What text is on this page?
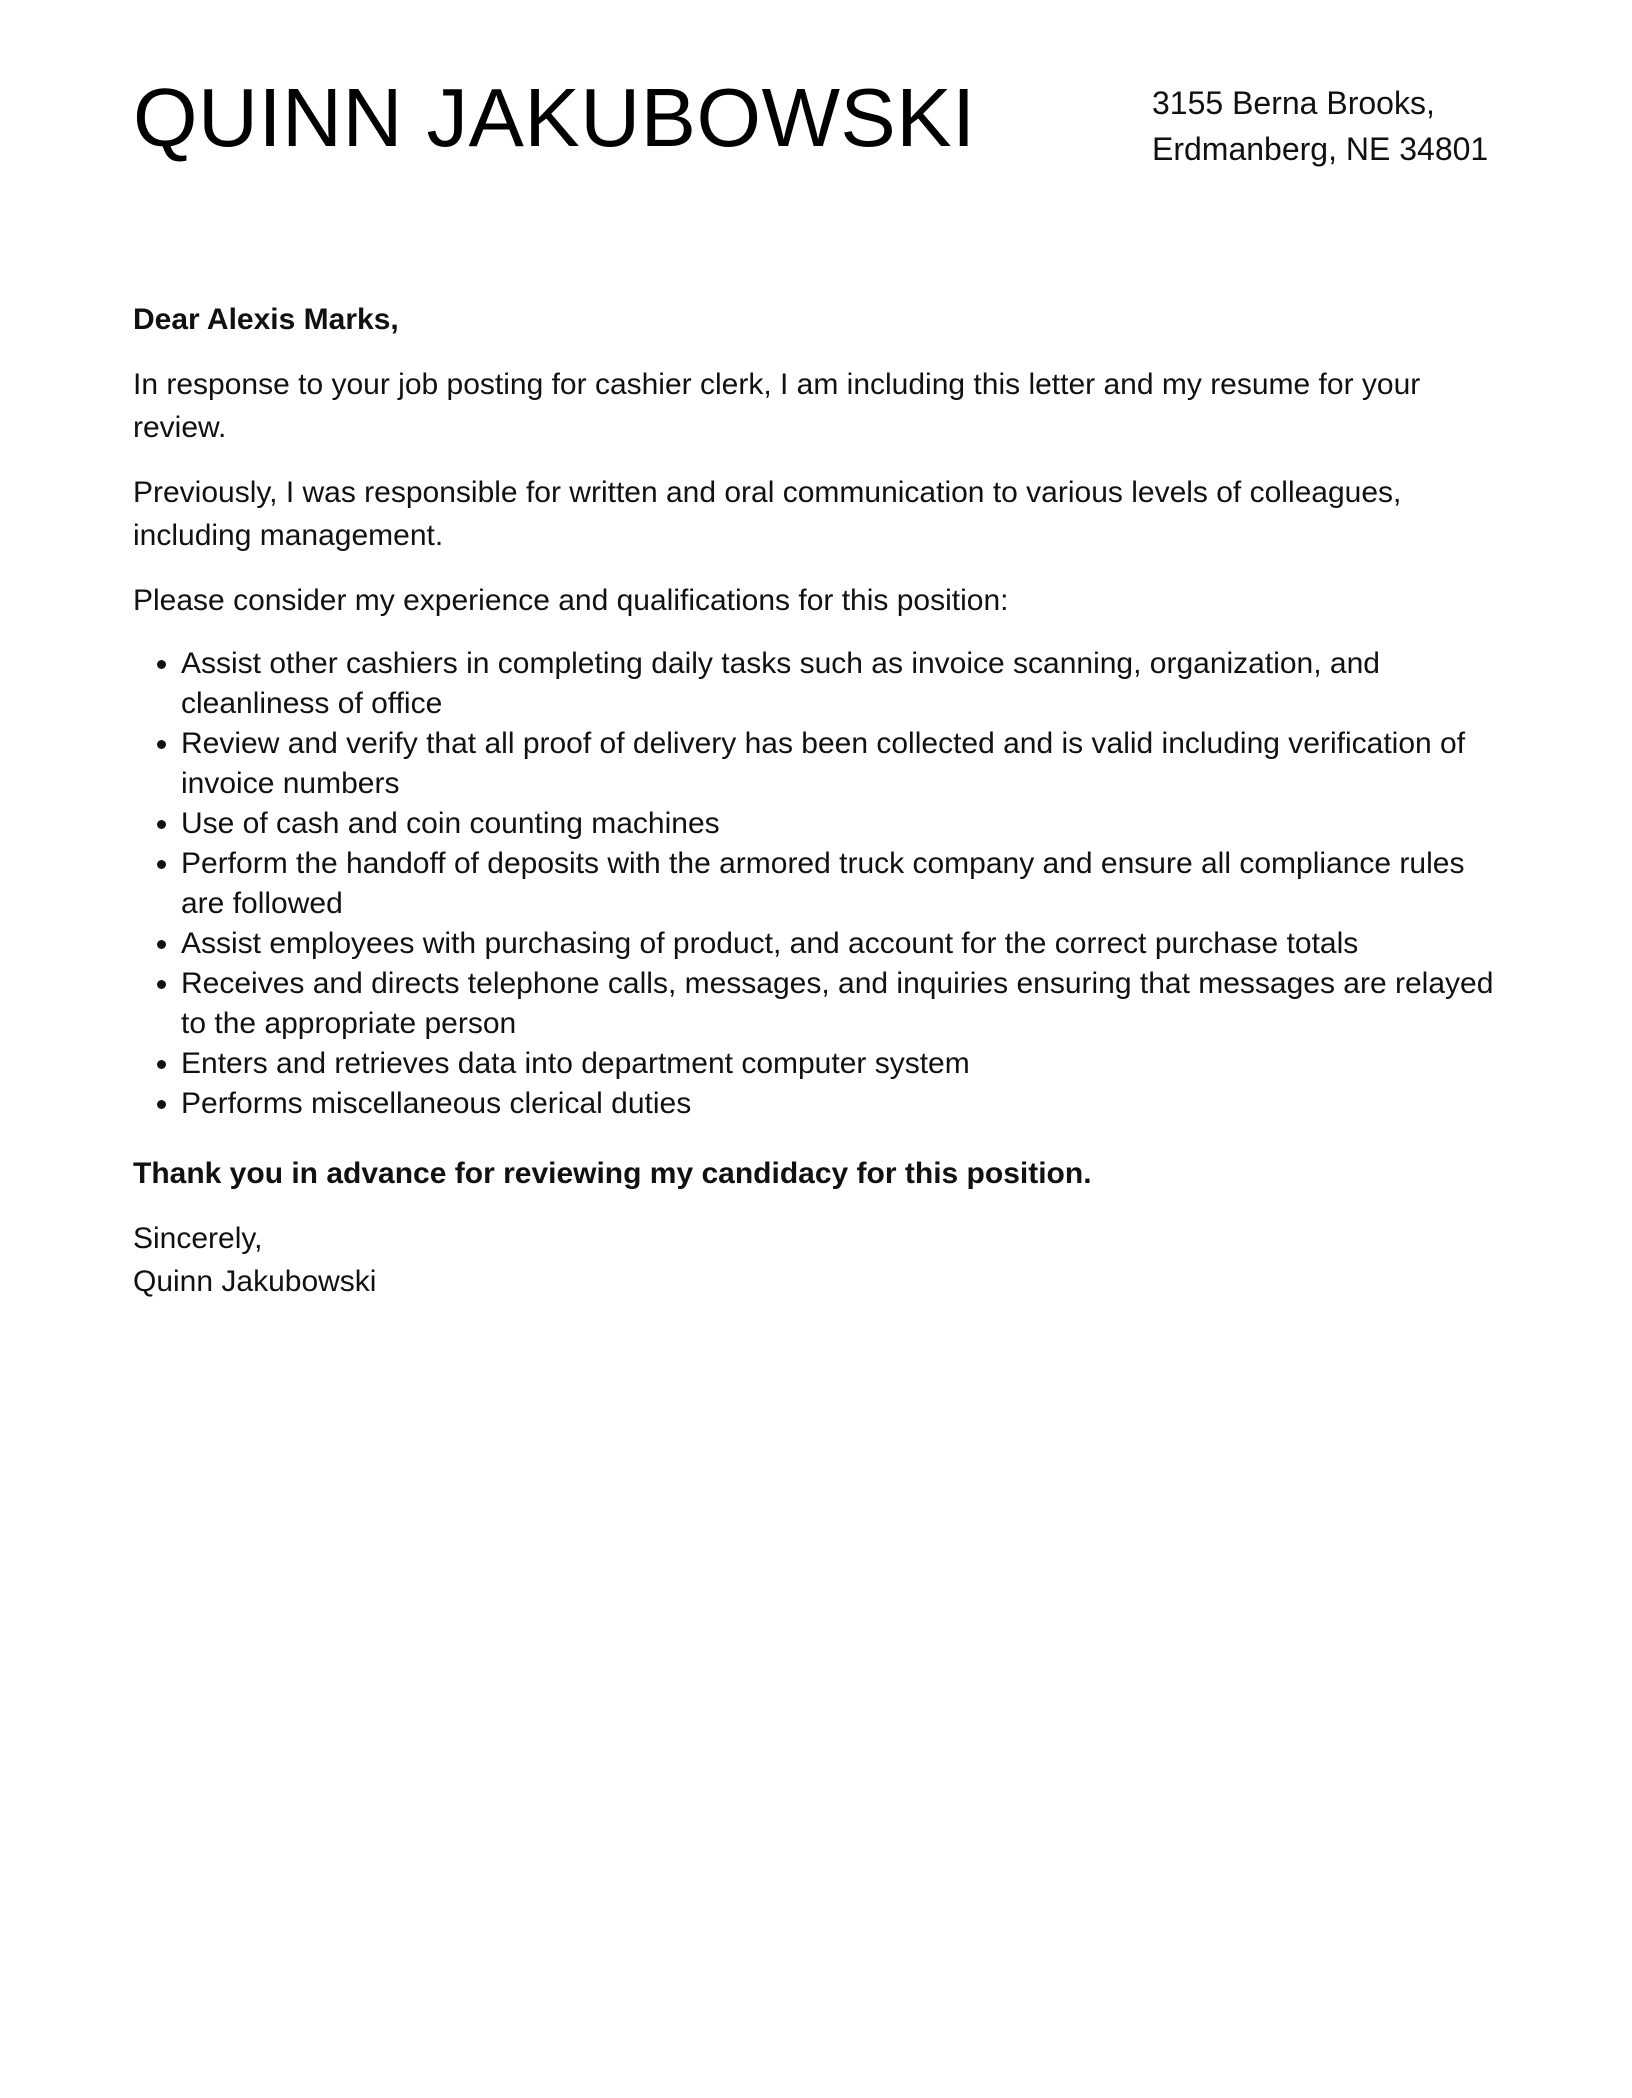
QUINN JAKUBOWSKI	3155 Berna Brooks,
Erdmanberg, NE 34801

Dear Alexis Marks,

In response to your job posting for cashier clerk, I am including this letter and my resume for your review.

Previously, I was responsible for written and oral communication to various levels of colleagues, including management.

Please consider my experience and qualifications for this position:

• Assist other cashiers in completing daily tasks such as invoice scanning, organization, and cleanliness of office
• Review and verify that all proof of delivery has been collected and is valid including verification of invoice numbers
• Use of cash and coin counting machines
• Perform the handoff of deposits with the armored truck company and ensure all compliance rules are followed
• Assist employees with purchasing of product, and account for the correct purchase totals
• Receives and directs telephone calls, messages, and inquiries ensuring that messages are relayed to the appropriate person
• Enters and retrieves data into department computer system
• Performs miscellaneous clerical duties

Thank you in advance for reviewing my candidacy for this position.

Sincerely,
Quinn Jakubowski
